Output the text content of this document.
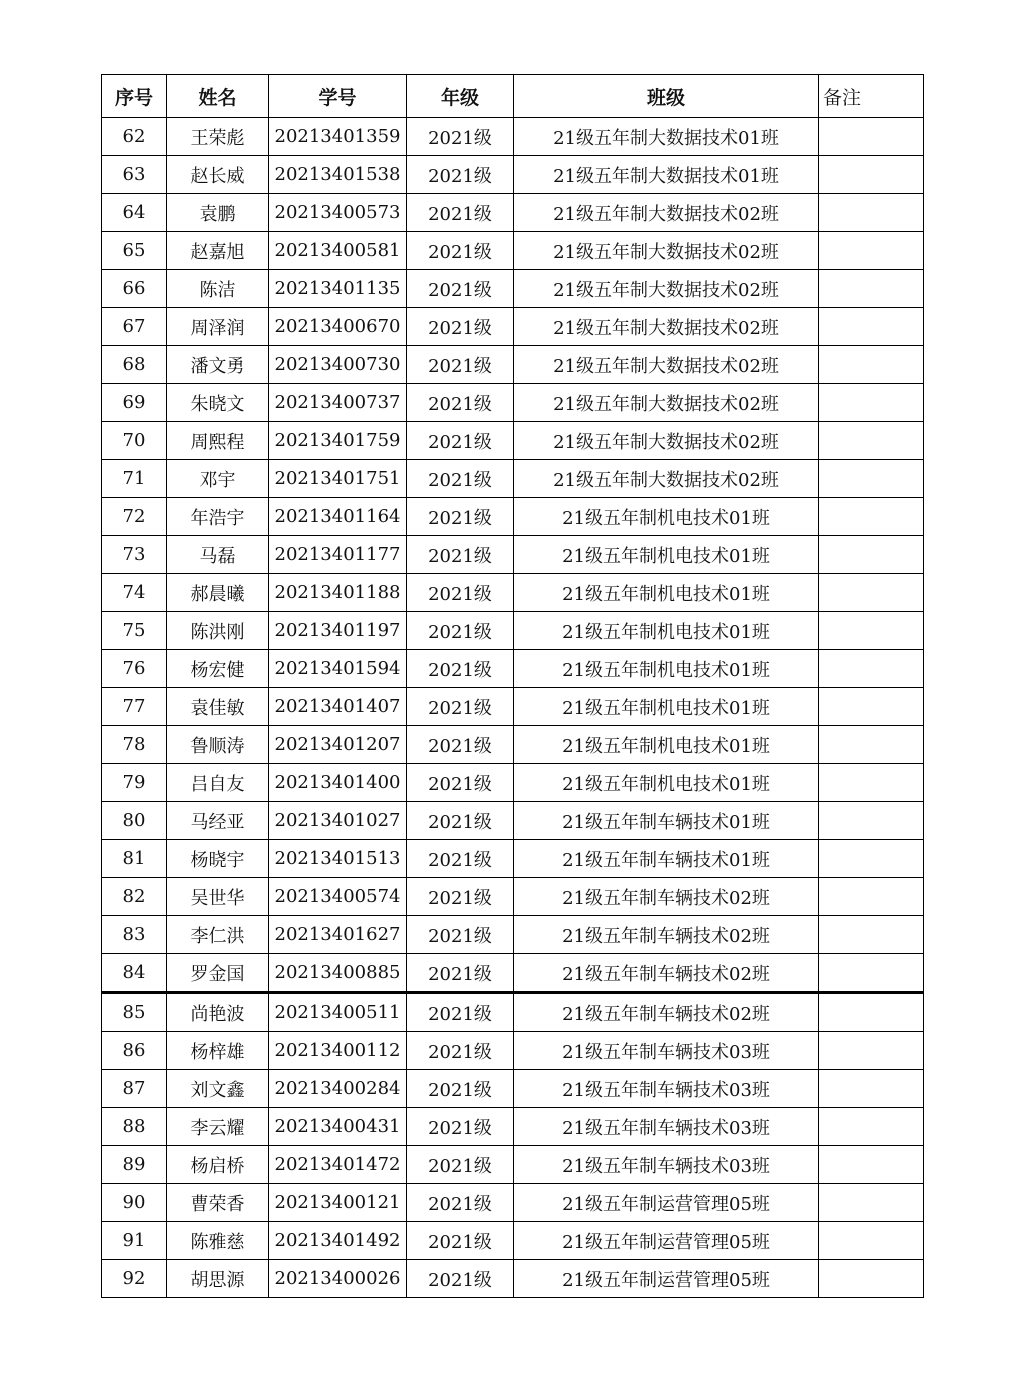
序号	姓名	学号	年级	班级	备注
62	王荣彪	20213401359	2021级	21级五年制大数据技术01班	
63	赵长威	20213401538	2021级	21级五年制大数据技术01班	
64	袁鹏	20213400573	2021级	21级五年制大数据技术02班	
65	赵嘉旭	20213400581	2021级	21级五年制大数据技术02班	
66	陈洁	20213401135	2021级	21级五年制大数据技术02班	
67	周泽润	20213400670	2021级	21级五年制大数据技术02班	
68	潘文勇	20213400730	2021级	21级五年制大数据技术02班	
69	朱晓文	20213400737	2021级	21级五年制大数据技术02班	
70	周熙程	20213401759	2021级	21级五年制大数据技术02班	
71	邓宇	20213401751	2021级	21级五年制大数据技术02班	
72	年浩宇	20213401164	2021级	21级五年制机电技术01班	
73	马磊	20213401177	2021级	21级五年制机电技术01班	
74	郝晨曦	20213401188	2021级	21级五年制机电技术01班	
75	陈洪刚	20213401197	2021级	21级五年制机电技术01班	
76	杨宏健	20213401594	2021级	21级五年制机电技术01班	
77	袁佳敏	20213401407	2021级	21级五年制机电技术01班	
78	鲁顺涛	20213401207	2021级	21级五年制机电技术01班	
79	吕自友	20213401400	2021级	21级五年制机电技术01班	
80	马经亚	20213401027	2021级	21级五年制车辆技术01班	
81	杨晓宇	20213401513	2021级	21级五年制车辆技术01班	
82	吴世华	20213400574	2021级	21级五年制车辆技术02班	
83	李仁洪	20213401627	2021级	21级五年制车辆技术02班	
84	罗金国	20213400885	2021级	21级五年制车辆技术02班	
85	尚艳波	20213400511	2021级	21级五年制车辆技术02班	
86	杨梓雄	20213400112	2021级	21级五年制车辆技术03班	
87	刘文鑫	20213400284	2021级	21级五年制车辆技术03班	
88	李云耀	20213400431	2021级	21级五年制车辆技术03班	
89	杨启桥	20213401472	2021级	21级五年制车辆技术03班	
90	曹荣香	20213400121	2021级	21级五年制运营管理05班	
91	陈雅慈	20213401492	2021级	21级五年制运营管理05班	
92	胡思源	20213400026	2021级	21级五年制运营管理05班	
